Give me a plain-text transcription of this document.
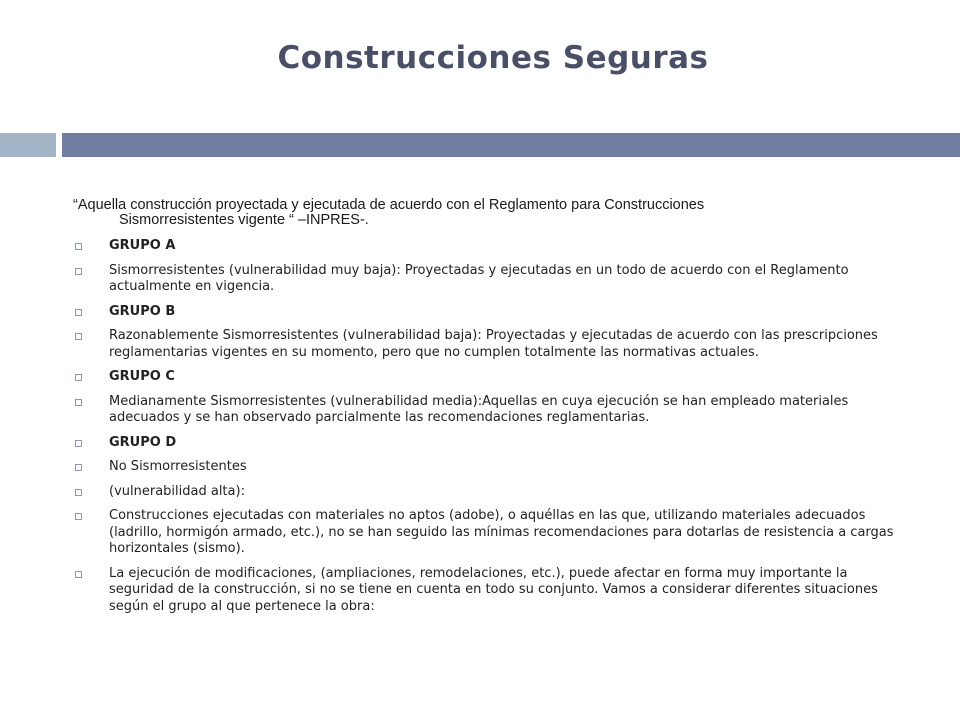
Construcciones Seguras
“Aquella construcción proyectada y ejecutada de acuerdo con el Reglamento para Construcciones
Sismorresistentes vigente “ –INPRES-.
GRUPO A
Sismorresistentes (vulnerabilidad muy baja): Proyectadas y ejecutadas en un todo de acuerdo con el Reglamento actualmente en vigencia.
GRUPO B
Razonablemente Sismorresistentes (vulnerabilidad baja): Proyectadas y ejecutadas de acuerdo con las prescripciones reglamentarias vigentes en su momento, pero que no cumplen totalmente las normativas actuales.
GRUPO C
Medianamente Sismorresistentes (vulnerabilidad media):Aquellas en cuya ejecución se han empleado materiales adecuados y se han observado parcialmente las recomendaciones reglamentarias.
GRUPO D
No Sismorresistentes
(vulnerabilidad alta):
Construcciones ejecutadas con materiales no aptos (adobe), o aquéllas en las que, utilizando materiales adecuados (ladrillo, hormigón armado, etc.), no se han seguido las mínimas recomendaciones para dotarlas de resistencia a cargas horizontales (sismo).
La ejecución de modificaciones, (ampliaciones, remodelaciones, etc.), puede afectar en forma muy importante la seguridad de la construcción, si no se tiene en cuenta en todo su conjunto. Vamos a considerar diferentes situaciones según el grupo al que pertenece la obra:
